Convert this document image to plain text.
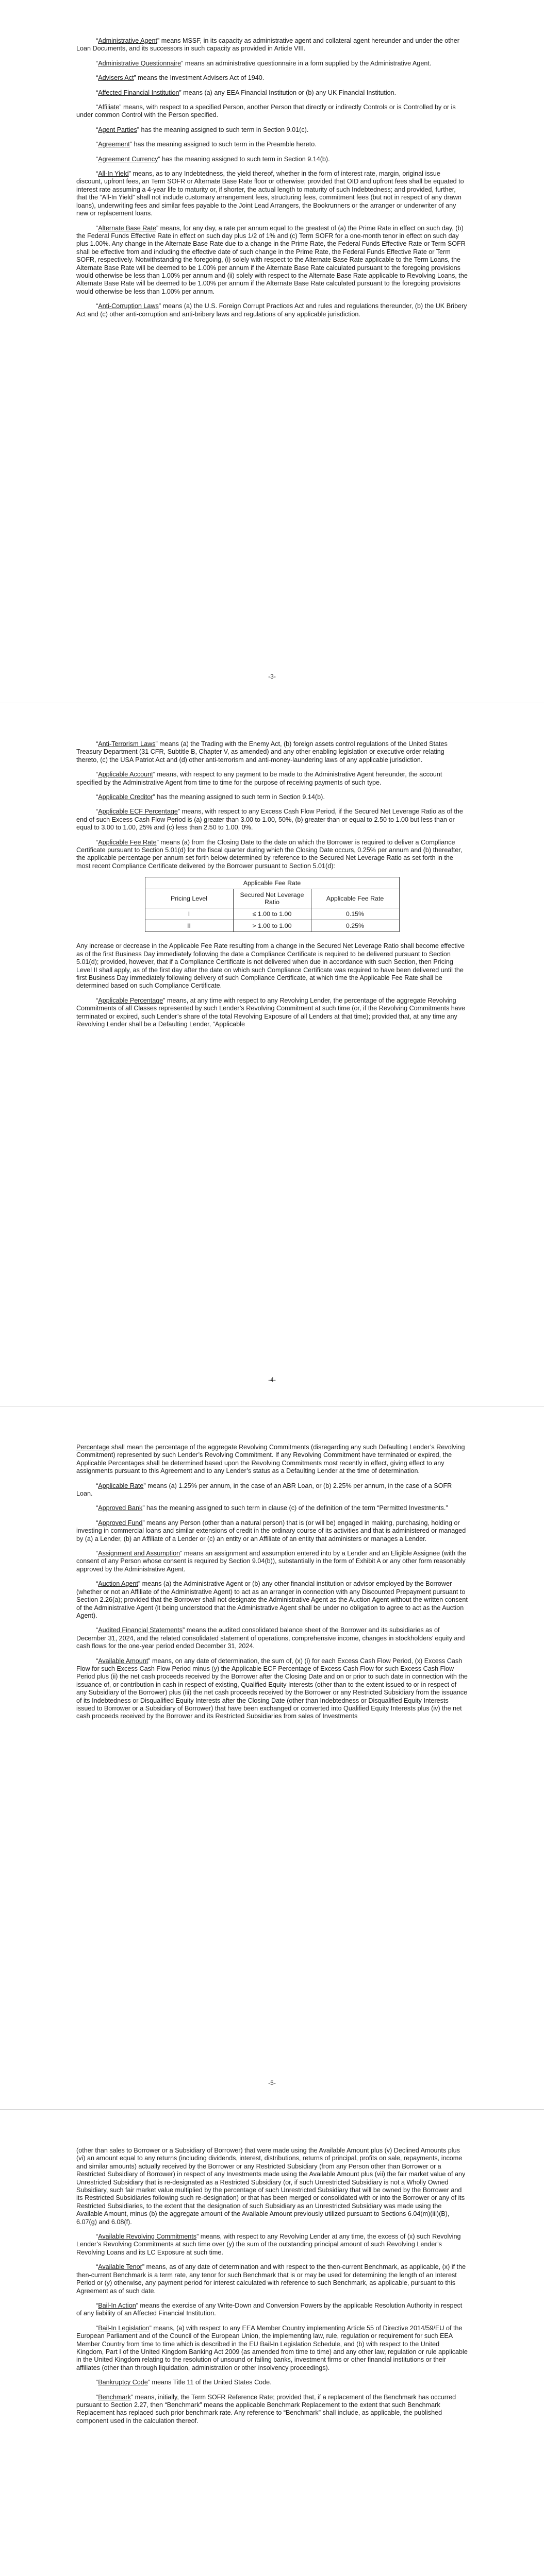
“Administrative Agent” means MSSF, in its capacity as administrative agent and collateral agent hereunder and under the other Loan Documents, and its successors in such capacity as provided in Article VIII.

“Administrative Questionnaire” means an administrative questionnaire in a form supplied by the Administrative Agent.

“Advisers Act” means the Investment Advisers Act of 1940.

“Affected Financial Institution” means (a) any EEA Financial Institution or (b) any UK Financial Institution.

“Affiliate” means, with respect to a specified Person, another Person that directly or indirectly Controls or is Controlled by or is under common Control with the Person specified.

“Agent Parties” has the meaning assigned to such term in Section 9.01(c).

“Agreement” has the meaning assigned to such term in the Preamble hereto.

“Agreement Currency” has the meaning assigned to such term in Section 9.14(b).

“All-In Yield” means, as to any Indebtedness, the yield thereof, whether in the form of interest rate, margin, original issue discount, upfront fees, an Term SOFR or Alternate Base Rate floor or otherwise; provided that OID and upfront fees shall be equated to interest rate assuming a 4-year life to maturity or, if shorter, the actual length to maturity of such Indebtedness; and provided, further, that the “All-In Yield” shall not include customary arrangement fees, structuring fees, commitment fees (but not in respect of any drawn loans), underwriting fees and similar fees payable to the Joint Lead Arrangers, the Bookrunners or the arranger or underwriter of any new or replacement loans.

“Alternate Base Rate” means, for any day, a rate per annum equal to the greatest of (a) the Prime Rate in effect on such day, (b) the Federal Funds Effective Rate in effect on such day plus 1/2 of 1% and (c) Term SOFR for a one-month tenor in effect on such day plus 1.00%. Any change in the Alternate Base Rate due to a change in the Prime Rate, the Federal Funds Effective Rate or Term SOFR shall be effective from and including the effective date of such change in the Prime Rate, the Federal Funds Effective Rate or Term SOFR, respectively. Notwithstanding the foregoing, (i) solely with respect to the Alternate Base Rate applicable to the Term Loans, the Alternate Base Rate will be deemed to be 1.00% per annum if the Alternate Base Rate calculated pursuant to the foregoing provisions would otherwise be less than 1.00% per annum and (ii) solely with respect to the Alternate Base Rate applicable to Revolving Loans, the Alternate Base Rate will be deemed to be 1.00% per annum if the Alternate Base Rate calculated pursuant to the foregoing provisions would otherwise be less than 1.00% per annum.

“Anti-Corruption Laws” means (a) the U.S. Foreign Corrupt Practices Act and rules and regulations thereunder, (b) the UK Bribery Act and (c) other anti-corruption and anti-bribery laws and regulations of any applicable jurisdiction.

-3-

“Anti-Terrorism Laws” means (a) the Trading with the Enemy Act, (b) foreign assets control regulations of the United States Treasury Department (31 CFR, Subtitle B, Chapter V, as amended) and any other enabling legislation or executive order relating thereto, (c) the USA Patriot Act and (d) other anti-terrorism and anti-money-laundering laws of any applicable jurisdiction.

“Applicable Account” means, with respect to any payment to be made to the Administrative Agent hereunder, the account specified by the Administrative Agent from time to time for the purpose of receiving payments of such type.

“Applicable Creditor” has the meaning assigned to such term in Section 9.14(b).

“Applicable ECF Percentage” means, with respect to any Excess Cash Flow Period, if the Secured Net Leverage Ratio as of the end of such Excess Cash Flow Period is (a) greater than 3.00 to 1.00, 50%, (b) greater than or equal to 2.50 to 1.00 but less than or equal to 3.00 to 1.00, 25% and (c) less than 2.50 to 1.00, 0%.

“Applicable Fee Rate” means (a) from the Closing Date to the date on which the Borrower is required to deliver a Compliance Certificate pursuant to Section 5.01(d) for the fiscal quarter during which the Closing Date occurs, 0.25% per annum and (b) thereafter, the applicable percentage per annum set forth below determined by reference to the Secured Net Leverage Ratio as set forth in the most recent Compliance Certificate delivered by the Borrower pursuant to Section 5.01(d):

Applicable Fee Rate		
Pricing Level	Secured Net Leverage Ratio	Applicable Fee Rate
I	≤ 1.00 to 1.00	0.15%
II	> 1.00 to 1.00	0.25%

Any increase or decrease in the Applicable Fee Rate resulting from a change in the Secured Net Leverage Ratio shall become effective as of the first Business Day immediately following the date a Compliance Certificate is required to be delivered pursuant to Section 5.01(d); provided, however, that if a Compliance Certificate is not delivered when due in accordance with such Section, then Pricing Level II shall apply, as of the first day after the date on which such Compliance Certificate was required to have been delivered until the first Business Day immediately following delivery of such Compliance Certificate, at which time the Applicable Fee Rate shall be determined based on such Compliance Certificate.

“Applicable Percentage” means, at any time with respect to any Revolving Lender, the percentage of the aggregate Revolving Commitments of all Classes represented by such Lender’s Revolving Commitment at such time (or, if the Revolving Commitments have terminated or expired, such Lender’s share of the total Revolving Exposure of all Lenders at that time); provided that, at any time any Revolving Lender shall be a Defaulting Lender, “Applicable

-4-

Percentage shall mean the percentage of the aggregate Revolving Commitments (disregarding any such Defaulting Lender’s Revolving Commitment) represented by such Lender’s Revolving Commitment. If any Revolving Commitment have terminated or expired, the Applicable Percentages shall be determined based upon the Revolving Commitments most recently in effect, giving effect to any assignments pursuant to this Agreement and to any Lender’s status as a Defaulting Lender at the time of determination.

“Applicable Rate” means (a) 1.25% per annum, in the case of an ABR Loan, or (b) 2.25% per annum, in the case of a SOFR Loan.

“Approved Bank” has the meaning assigned to such term in clause (c) of the definition of the term “Permitted Investments.”

“Approved Fund” means any Person (other than a natural person) that is (or will be) engaged in making, purchasing, holding or investing in commercial loans and similar extensions of credit in the ordinary course of its activities and that is administered or managed by (a) a Lender, (b) an Affiliate of a Lender or (c) an entity or an Affiliate of an entity that administers or manages a Lender.

“Assignment and Assumption” means an assignment and assumption entered into by a Lender and an Eligible Assignee (with the consent of any Person whose consent is required by Section 9.04(b)), substantially in the form of Exhibit A or any other form reasonably approved by the Administrative Agent.

“Auction Agent” means (a) the Administrative Agent or (b) any other financial institution or advisor employed by the Borrower (whether or not an Affiliate of the Administrative Agent) to act as an arranger in connection with any Discounted Prepayment pursuant to Section 2.26(a); provided that the Borrower shall not designate the Administrative Agent as the Auction Agent without the written consent of the Administrative Agent (it being understood that the Administrative Agent shall be under no obligation to agree to act as the Auction Agent).

“Audited Financial Statements” means the audited consolidated balance sheet of the Borrower and its subsidiaries as of December 31, 2024, and the related consolidated statement of operations, comprehensive income, changes in stockholders’ equity and cash flows for the one-year period ended December 31, 2024.

“Available Amount” means, on any date of determination, the sum of, (x) (i) for each Excess Cash Flow Period, (x) Excess Cash Flow for such Excess Cash Flow Period minus (y) the Applicable ECF Percentage of Excess Cash Flow for such Excess Cash Flow Period plus (ii) the net cash proceeds received by the Borrower after the Closing Date and on or prior to such date in connection with the issuance of, or contribution in cash in respect of existing, Qualified Equity Interests (other than to the extent issued to or in respect of any Subsidiary of the Borrower) plus (iii) the net cash proceeds received by the Borrower or any Restricted Subsidiary from the issuance of its Indebtedness or Disqualified Equity Interests after the Closing Date (other than Indebtedness or Disqualified Equity Interests issued to Borrower or a Subsidiary of Borrower) that have been exchanged or converted into Qualified Equity Interests plus (iv) the net cash proceeds received by the Borrower and its Restricted Subsidiaries from sales of Investments

-5-

(other than sales to Borrower or a Subsidiary of Borrower) that were made using the Available Amount plus (v) Declined Amounts plus (vi) an amount equal to any returns (including dividends, interest, distributions, returns of principal, profits on sale, repayments, income and similar amounts) actually received by the Borrower or any Restricted Subsidiary (from any Person other than Borrower or a Restricted Subsidiary of Borrower) in respect of any Investments made using the Available Amount plus (vii) the fair market value of any Unrestricted Subsidiary that is re-designated as a Restricted Subsidiary (or, if such Unrestricted Subsidiary is not a Wholly Owned Subsidiary, such fair market value multiplied by the percentage of such Unrestricted Subsidiary that will be owned by the Borrower and its Restricted Subsidiaries following such re-designation) or that has been merged or consolidated with or into the Borrower or any of its Restricted Subsidiaries, to the extent that the designation of such Subsidiary as an Unrestricted Subsidiary was made using the Available Amount, minus (b) the aggregate amount of the Available Amount previously utilized pursuant to Sections 6.04(m)(iii)(B), 6.07(g) and 6.08(f).

“Available Revolving Commitments” means, with respect to any Revolving Lender at any time, the excess of (x) such Revolving Lender’s Revolving Commitments at such time over (y) the sum of the outstanding principal amount of such Revolving Lender’s Revolving Loans and its LC Exposure at such time.

“Available Tenor” means, as of any date of determination and with respect to the then-current Benchmark, as applicable, (x) if the then-current Benchmark is a term rate, any tenor for such Benchmark that is or may be used for determining the length of an Interest Period or (y) otherwise, any payment period for interest calculated with reference to such Benchmark, as applicable, pursuant to this Agreement as of such date.

“Bail-In Action” means the exercise of any Write-Down and Conversion Powers by the applicable Resolution Authority in respect of any liability of an Affected Financial Institution.

“Bail-In Legislation” means, (a) with respect to any EEA Member Country implementing Article 55 of Directive 2014/59/EU of the European Parliament and of the Council of the European Union, the implementing law, rule, regulation or requirement for such EEA Member Country from time to time which is described in the EU Bail-In Legislation Schedule, and (b) with respect to the United Kingdom, Part I of the United Kingdom Banking Act 2009 (as amended from time to time) and any other law, regulation or rule applicable in the United Kingdom relating to the resolution of unsound or failing banks, investment firms or other financial institutions or their affiliates (other than through liquidation, administration or other insolvency proceedings).

“Bankruptcy Code” means Title 11 of the United States Code.

“Benchmark” means, initially, the Term SOFR Reference Rate; provided that, if a replacement of the Benchmark has occurred pursuant to Section 2.27, then “Benchmark” means the applicable Benchmark Replacement to the extent that such Benchmark Replacement has replaced such prior benchmark rate. Any reference to “Benchmark” shall include, as applicable, the published component used in the calculation thereof.
